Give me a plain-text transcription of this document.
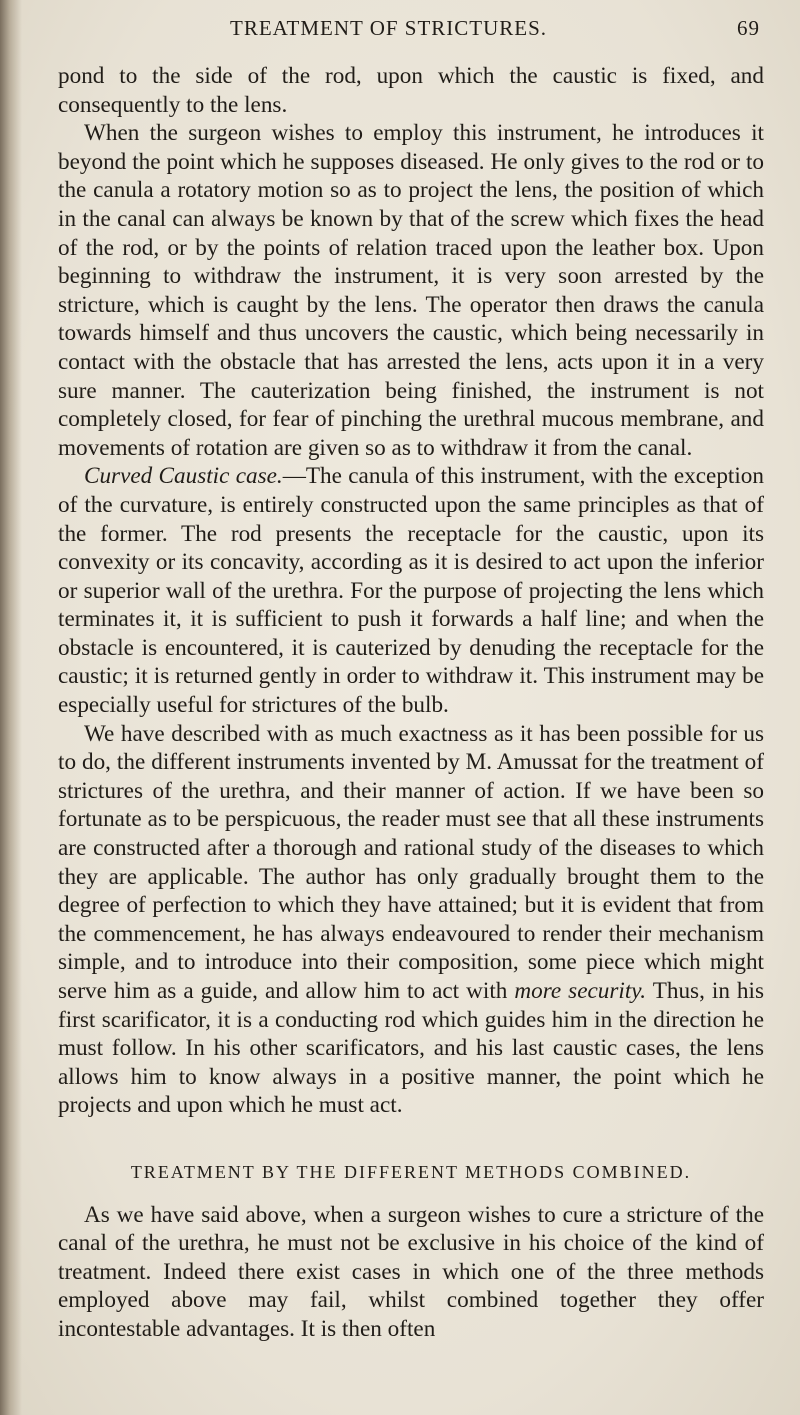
TREATMENT OF STRICTURES.	69

pond to the side of the rod, upon which the caustic is fixed, and consequently to the lens.

When the surgeon wishes to employ this instrument, he introduces it beyond the point which he supposes diseased. He only gives to the rod or to the canula a rotatory motion so as to project the lens, the position of which in the canal can always be known by that of the screw which fixes the head of the rod, or by the points of relation traced upon the leather box. Upon beginning to withdraw the instrument, it is very soon arrested by the stricture, which is caught by the lens. The operator then draws the canula towards himself and thus uncovers the caustic, which being necessarily in contact with the obstacle that has arrested the lens, acts upon it in a very sure manner. The cauterization being finished, the instrument is not completely closed, for fear of pinching the urethral mucous membrane, and movements of rotation are given so as to withdraw it from the canal.

Curved Caustic case.—The canula of this instrument, with the exception of the curvature, is entirely constructed upon the same principles as that of the former. The rod presents the receptacle for the caustic, upon its convexity or its concavity, according as it is desired to act upon the inferior or superior wall of the urethra. For the purpose of projecting the lens which terminates it, it is sufficient to push it forwards a half line; and when the obstacle is encountered, it is cauterized by denuding the receptacle for the caustic; it is returned gently in order to withdraw it. This instrument may be especially useful for strictures of the bulb.

We have described with as much exactness as it has been possible for us to do, the different instruments invented by M. Amussat for the treatment of strictures of the urethra, and their manner of action. If we have been so fortunate as to be perspicuous, the reader must see that all these instruments are constructed after a thorough and rational study of the diseases to which they are applicable. The author has only gradually brought them to the degree of perfection to which they have attained; but it is evident that from the commencement, he has always endeavoured to render their mechanism simple, and to introduce into their composition, some piece which might serve him as a guide, and allow him to act with more security. Thus, in his first scarificator, it is a conducting rod which guides him in the direction he must follow. In his other scarificators, and his last caustic cases, the lens allows him to know always in a positive manner, the point which he projects and upon which he must act.

TREATMENT BY THE DIFFERENT METHODS COMBINED.

As we have said above, when a surgeon wishes to cure a stricture of the canal of the urethra, he must not be exclusive in his choice of the kind of treatment. Indeed there exist cases in which one of the three methods employed above may fail, whilst combined together they offer incontestable advantages. It is then often
